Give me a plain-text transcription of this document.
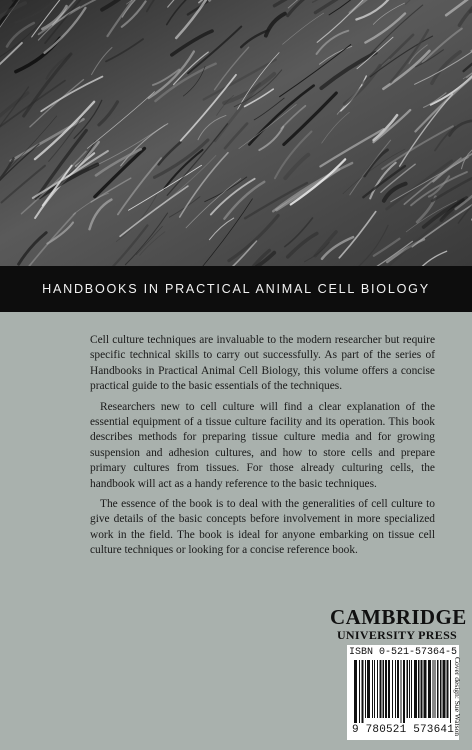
HANDBOOKS IN PRACTICAL ANIMAL CELL BIOLOGY

Cell culture techniques are invaluable to the modern researcher but require specific technical skills to carry out successfully. As part of the series of Handbooks in Practical Animal Cell Biology, this volume offers a concise practical guide to the basic essentials of the techniques.

Researchers new to cell culture will find a clear explanation of the essential equipment of a tissue culture facility and its operation. This book describes methods for preparing tissue culture media and for growing suspension and adhesion cultures, and how to store cells and prepare primary cultures from tissues. For those already culturing cells, the handbook will act as a handy reference to the basic techniques.

The essence of the book is to deal with the generalities of cell culture to give details of the basic concepts before involvement in more specialized work in the field. The book is ideal for anyone embarking on tissue cell culture techniques or looking for a concise reference book.

CAMBRIDGE
UNIVERSITY PRESS
ISBN 0-521-57364-5
9 780521 573641
Cover design: Sue Watson
